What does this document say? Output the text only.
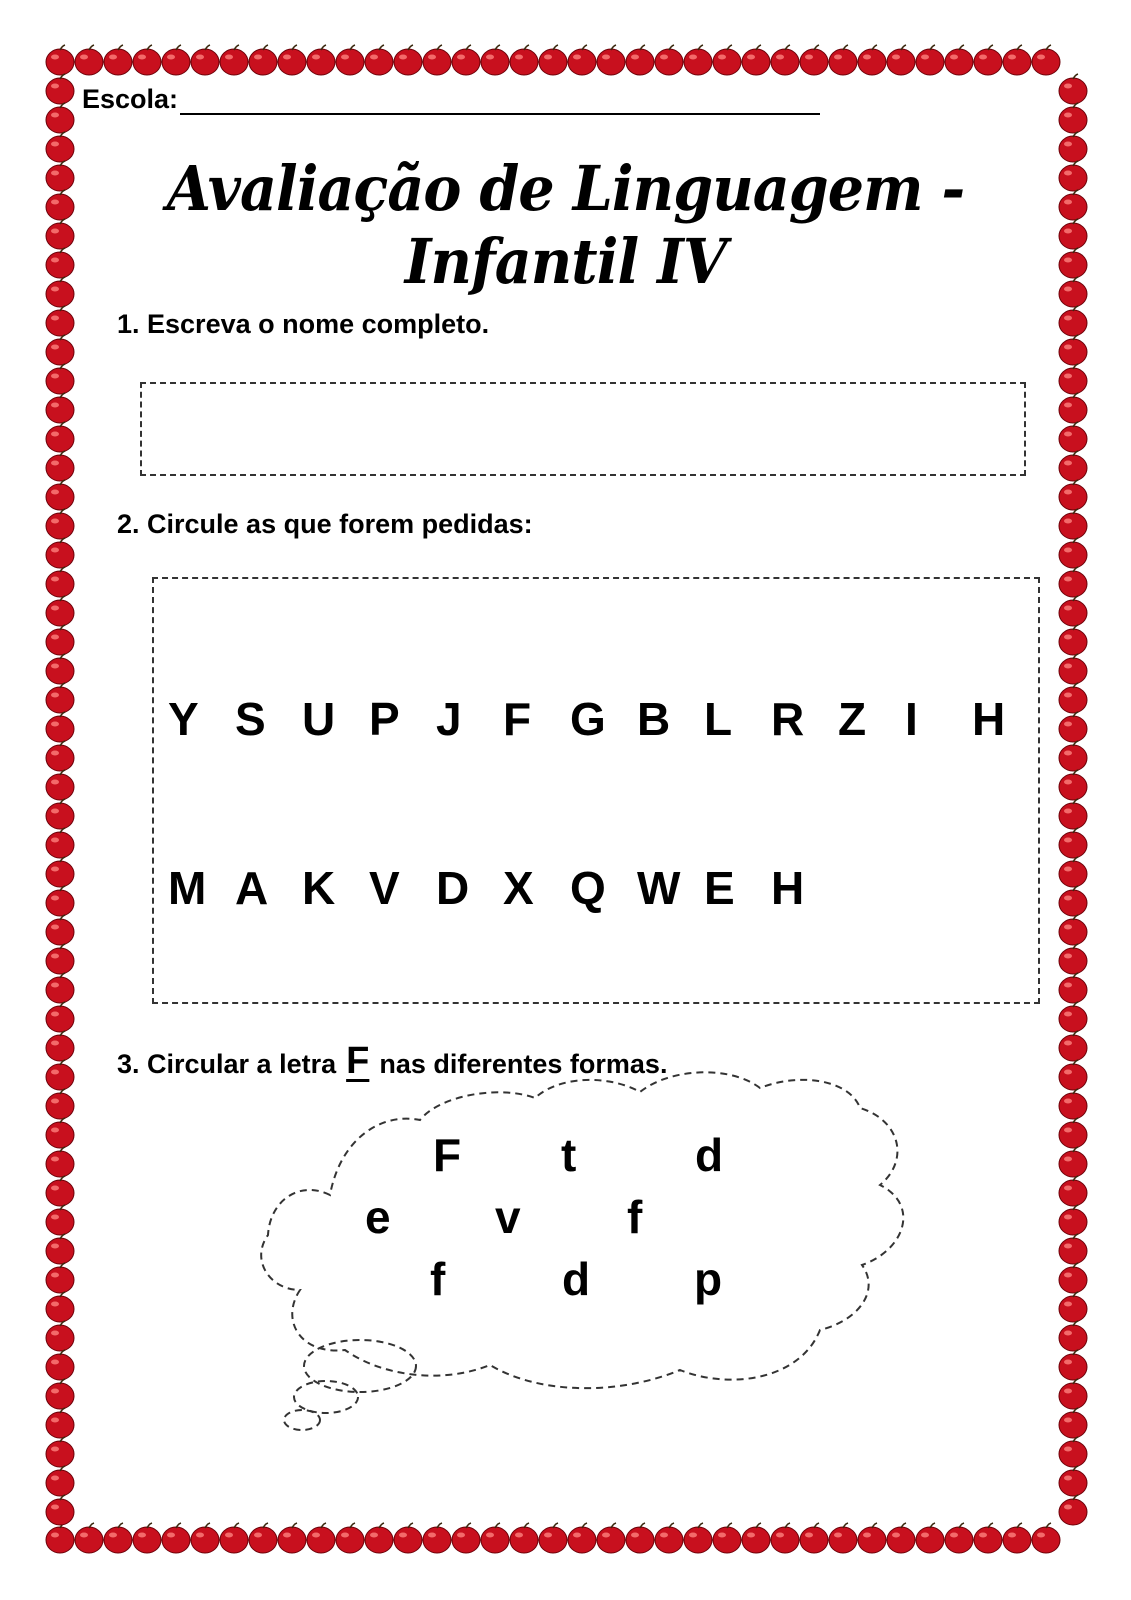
Escola:
Avaliação de Linguagem - Infantil IV
1. Escreva o nome completo.
2. Circule as que forem pedidas:
Y S U P J F G B L R Z I	H
M A K V D X Q W E H
3. Circular a letra F nas diferentes formas.
F t	d
e v f
f	d p
